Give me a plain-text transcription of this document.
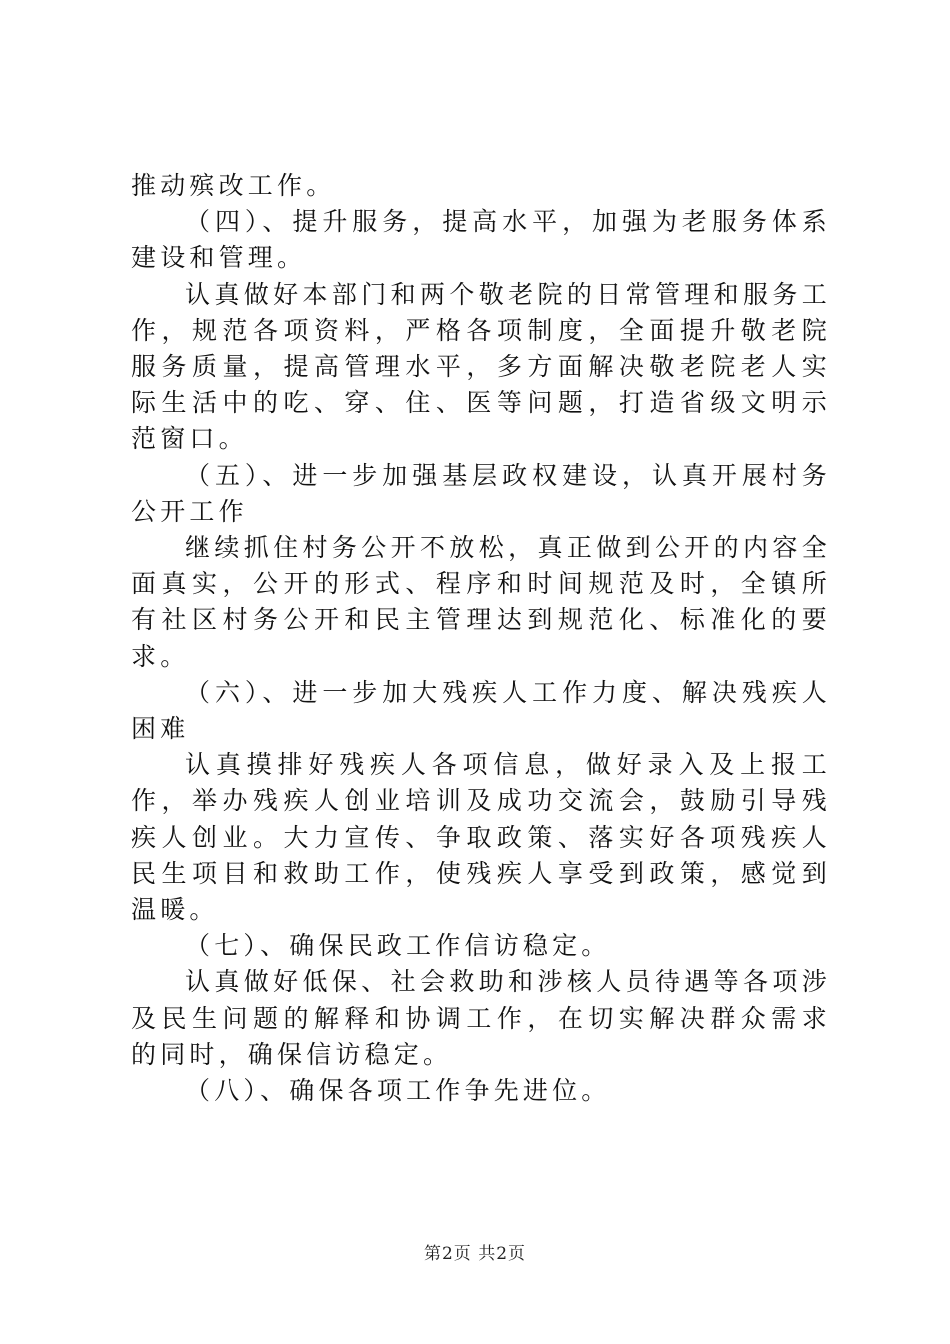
推动殡改工作。

（四）、提升服务，提高水平，加强为老服务体系建设和管理。

认真做好本部门和两个敬老院的日常管理和服务工作，规范各项资料，严格各项制度，全面提升敬老院服务质量，提高管理水平，多方面解决敬老院老人实际生活中的吃、穿、住、医等问题，打造省级文明示范窗口。

（五）、进一步加强基层政权建设，认真开展村务公开工作

继续抓住村务公开不放松，真正做到公开的内容全面真实，公开的形式、程序和时间规范及时，全镇所有社区村务公开和民主管理达到规范化、标准化的要求。

（六）、进一步加大残疾人工作力度、解决残疾人困难

认真摸排好残疾人各项信息，做好录入及上报工作，举办残疾人创业培训及成功交流会，鼓励引导残疾人创业。大力宣传、争取政策、落实好各项残疾人民生项目和救助工作，使残疾人享受到政策，感觉到温暖。

（七）、确保民政工作信访稳定。

认真做好低保、社会救助和涉核人员待遇等各项涉及民生问题的解释和协调工作，在切实解决群众需求的同时，确保信访稳定。

（八）、确保各项工作争先进位。

第2页 共2页
